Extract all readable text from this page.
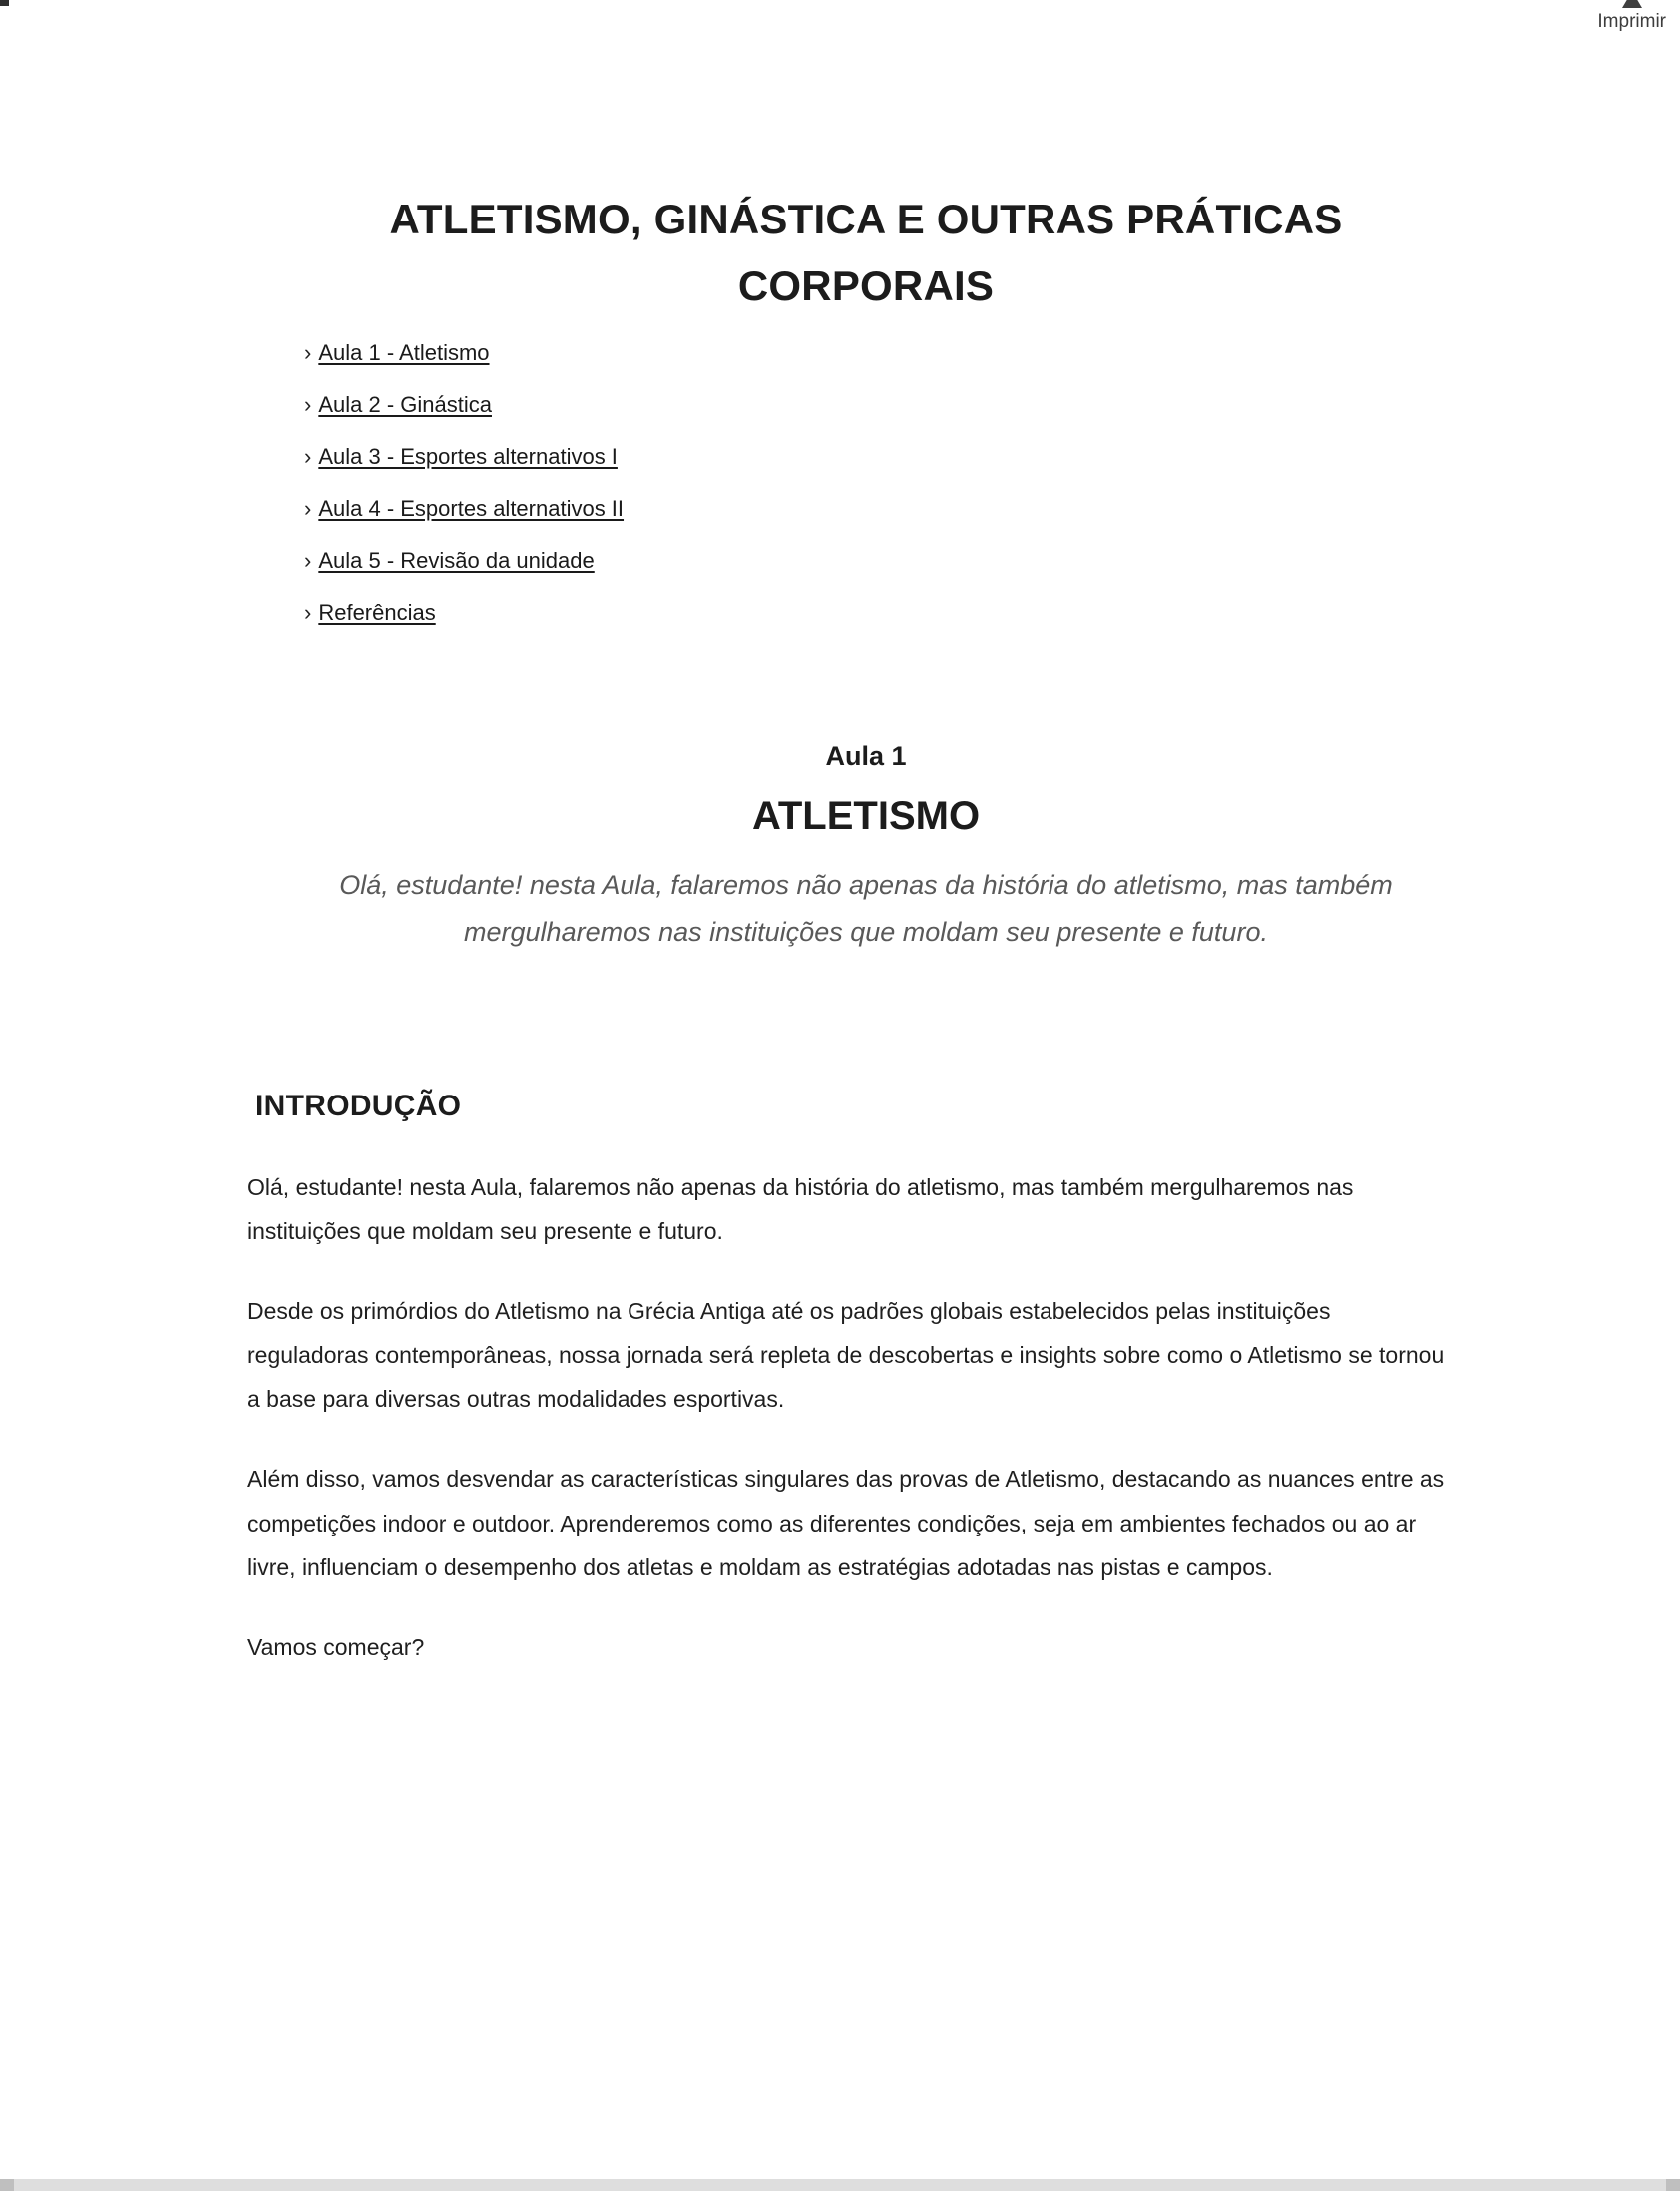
Imprimir
ATLETISMO, GINÁSTICA E OUTRAS PRÁTICAS CORPORAIS
› Aula 1 - Atletismo
› Aula 2 - Ginástica
› Aula 3 - Esportes alternativos I
› Aula 4 - Esportes alternativos II
› Aula 5 - Revisão da unidade
› Referências
Aula 1
ATLETISMO

Olá, estudante! nesta Aula, falaremos não apenas da história do atletismo, mas também mergulharemos nas instituições que moldam seu presente e futuro.

INTRODUÇÃO

Olá, estudante! nesta Aula, falaremos não apenas da história do atletismo, mas também mergulharemos nas instituições que moldam seu presente e futuro.

Desde os primórdios do Atletismo na Grécia Antiga até os padrões globais estabelecidos pelas instituições reguladoras contemporâneas, nossa jornada será repleta de descobertas e insights sobre como o Atletismo se tornou a base para diversas outras modalidades esportivas.

Além disso, vamos desvendar as características singulares das provas de Atletismo, destacando as nuances entre as competições indoor e outdoor. Aprenderemos como as diferentes condições, seja em ambientes fechados ou ao ar livre, influenciam o desempenho dos atletas e moldam as estratégias adotadas nas pistas e campos.

Vamos começar?
